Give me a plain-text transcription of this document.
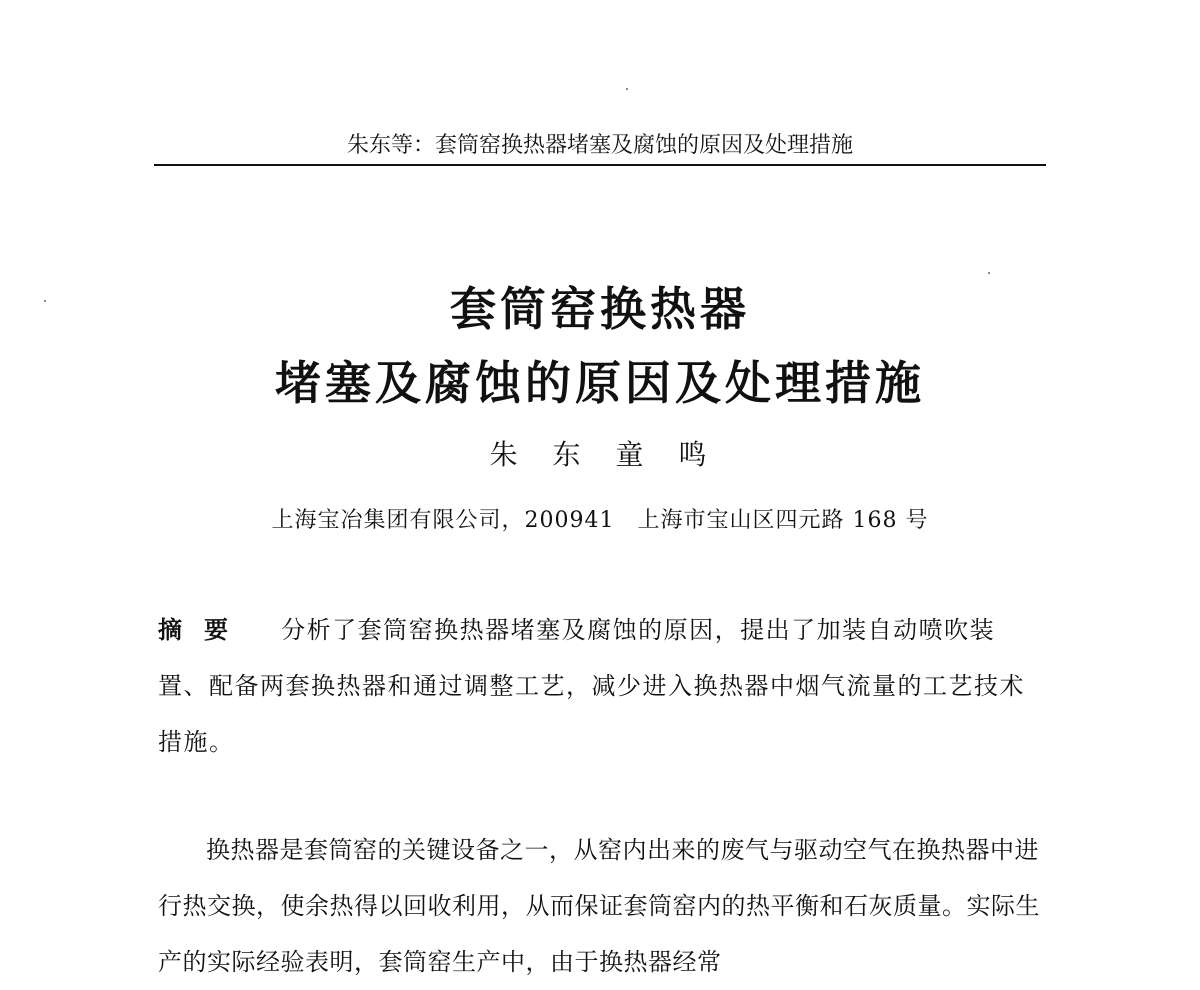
朱东等：套筒窑换热器堵塞及腐蚀的原因及处理措施
套筒窑换热器
堵塞及腐蚀的原因及处理措施
朱 东 童 鸣
上海宝冶集团有限公司，200941　上海市宝山区四元路 168 号
摘要 分析了套筒窑换热器堵塞及腐蚀的原因，提出了加装自动喷吹装置、配备两套换热器和通过调整工艺，减少进入换热器中烟气流量的工艺技术措施。
换热器是套筒窑的关键设备之一，从窑内出来的废气与驱动空气在换热器中进行热交换，使余热得以回收利用，从而保证套筒窑内的热平衡和石灰质量。实际生产的实际经验表明，套筒窑生产中，由于换热器经常
